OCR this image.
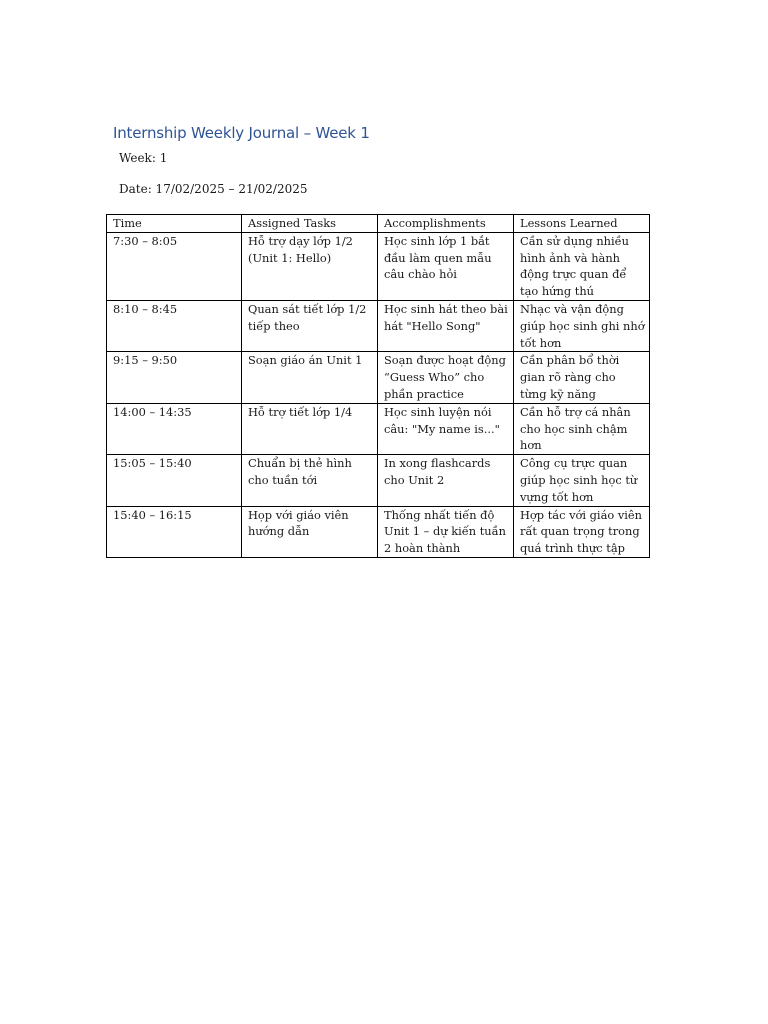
Internship Weekly Journal – Week 1

Week: 1

Date: 17/02/2025 – 21/02/2025

Time	Assigned Tasks	Accomplishments	Lessons Learned
7:30 – 8:05	Hỗ trợ dạy lớp 1/2 (Unit 1: Hello)	Học sinh lớp 1 bắt đầu làm quen mẫu câu chào hỏi	Cần sử dụng nhiều hình ảnh và hành động trực quan để tạo hứng thú
8:10 – 8:45	Quan sát tiết lớp 1/2 tiếp theo	Học sinh hát theo bài hát "Hello Song"	Nhạc và vận động giúp học sinh ghi nhớ tốt hơn
9:15 – 9:50	Soạn giáo án Unit 1	Soạn được hoạt động “Guess Who” cho phần practice	Cần phân bổ thời gian rõ ràng cho từng kỹ năng
14:00 – 14:35	Hỗ trợ tiết lớp 1/4	Học sinh luyện nói câu: "My name is..."	Cần hỗ trợ cá nhân cho học sinh chậm hơn
15:05 – 15:40	Chuẩn bị thẻ hình cho tuần tới	In xong flashcards cho Unit 2	Công cụ trực quan giúp học sinh học từ vựng tốt hơn
15:40 – 16:15	Họp với giáo viên hướng dẫn	Thống nhất tiến độ Unit 1 – dự kiến tuần 2 hoàn thành	Hợp tác với giáo viên rất quan trọng trong quá trình thực tập
